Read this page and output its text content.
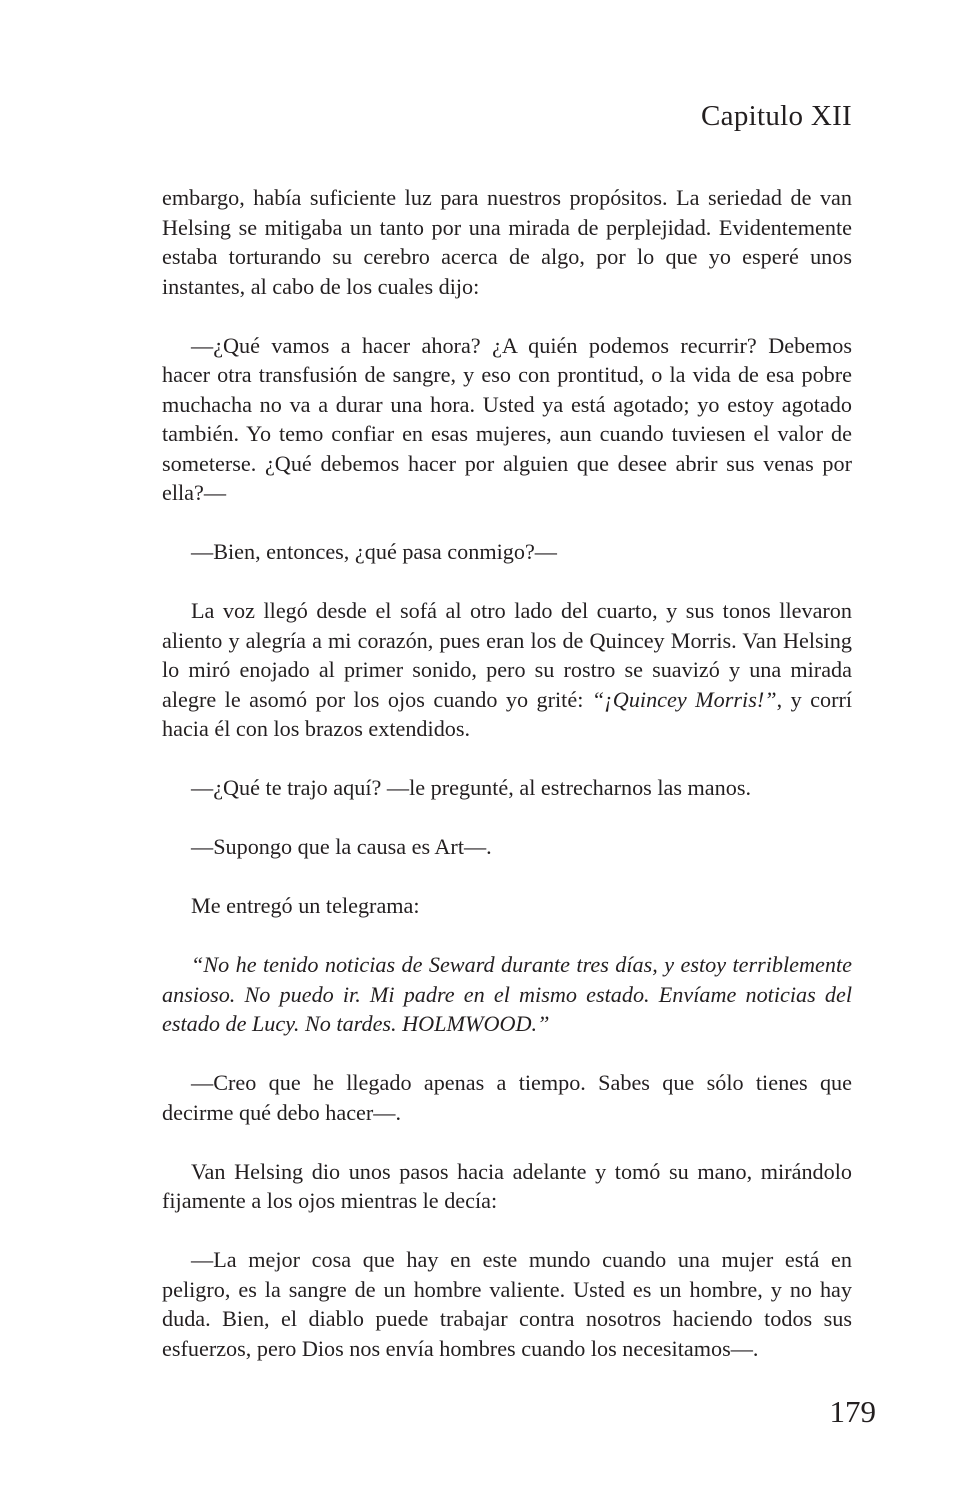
Capitulo XII

embargo, había suficiente luz para nuestros propósitos. La seriedad de van Helsing se mitigaba un tanto por una mirada de perplejidad. Evidentemente estaba torturando su cerebro acerca de algo, por lo que yo esperé unos instantes, al cabo de los cuales dijo:

—¿Qué vamos a hacer ahora? ¿A quién podemos recurrir? Debemos hacer otra transfusión de sangre, y eso con prontitud, o la vida de esa pobre muchacha no va a durar una hora. Usted ya está agotado; yo estoy agotado también. Yo temo confiar en esas mujeres, aun cuando tuviesen el valor de someterse. ¿Qué debemos hacer por alguien que desee abrir sus venas por ella?—

—Bien, entonces, ¿qué pasa conmigo?—

La voz llegó desde el sofá al otro lado del cuarto, y sus tonos llevaron aliento y alegría a mi corazón, pues eran los de Quincey Morris. Van Helsing lo miró enojado al primer sonido, pero su rostro se suavizó y una mirada alegre le asomó por los ojos cuando yo grité: “¡Quincey Morris!”, y corrí hacia él con los brazos extendidos.

—¿Qué te trajo aquí? —le pregunté, al estrecharnos las manos.

—Supongo que la causa es Art—.

Me entregó un telegrama:

“No he tenido noticias de Seward durante tres días, y estoy terriblemente ansioso. No puedo ir. Mi padre en el mismo estado. Envíame noticias del estado de Lucy. No tardes. HOLMWOOD.”

—Creo que he llegado apenas a tiempo. Sabes que sólo tienes que decirme qué debo hacer—.

Van Helsing dio unos pasos hacia adelante y tomó su mano, mirándolo fijamente a los ojos mientras le decía:

—La mejor cosa que hay en este mundo cuando una mujer está en peligro, es la sangre de un hombre valiente. Usted es un hombre, y no hay duda. Bien, el diablo puede trabajar contra nosotros haciendo todos sus esfuerzos, pero Dios nos envía hombres cuando los necesitamos—.

179
